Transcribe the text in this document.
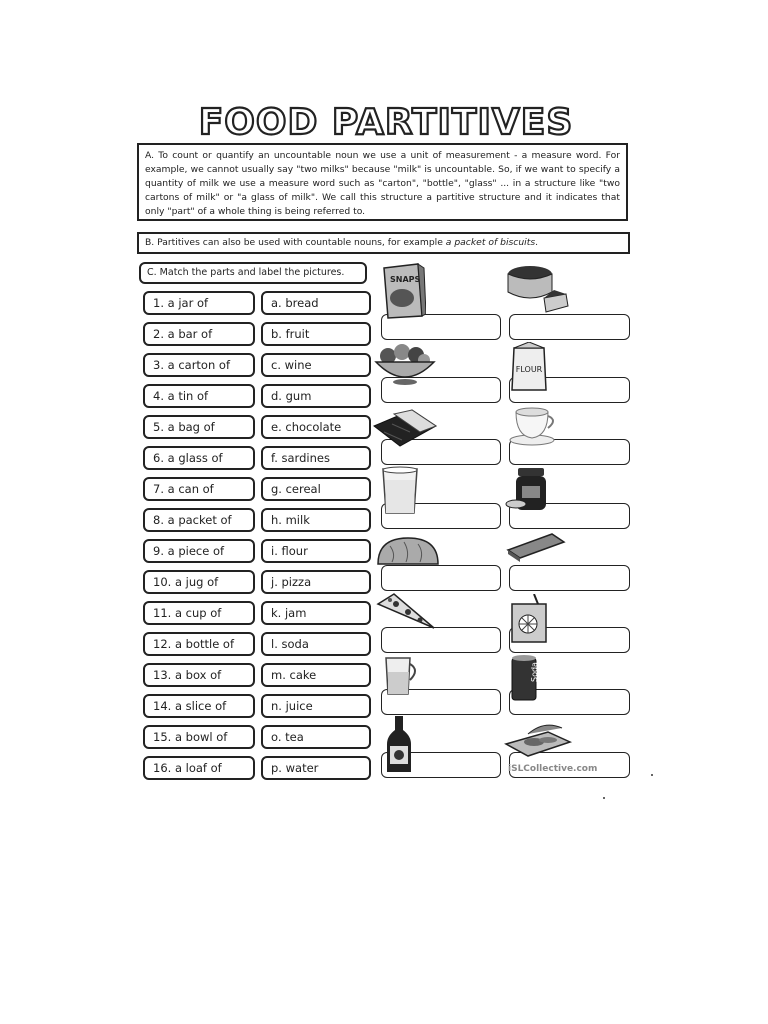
FOOD PARTITIVES
A. To count or quantify an uncountable noun we use a unit of measurement - a measure word. For example, we cannot usually say "two milks" because "milk" is uncountable. So, if we want to specify a quantity of milk we use a measure word such as "carton", "bottle", "glass" ... in a structure like "two cartons of milk" or "a glass of milk". We call this structure a partitive structure and it indicates that only "part" of a whole thing is being referred to.
B. Partitives can also be used with countable nouns, for example a packet of biscuits.
C. Match the parts and label the pictures.
1. a jar of
2. a bar of
3. a carton of
4. a tin of
5. a bag of
6. a glass of
7. a can of
8. a packet of
9. a piece of
10. a jug of
11. a cup of
12. a bottle of
13. a box of
14. a slice of
15. a bowl of
16. a loaf of
a. bread
b. fruit
c. wine
d. gum
e. chocolate
f. sardines
g. cereal
h. milk
i. flour
j. pizza
k. jam
l. soda
m. cake
n. juice
o. tea
p. water
SNAPS
FLOUR
Soda
iSLCollective.com
